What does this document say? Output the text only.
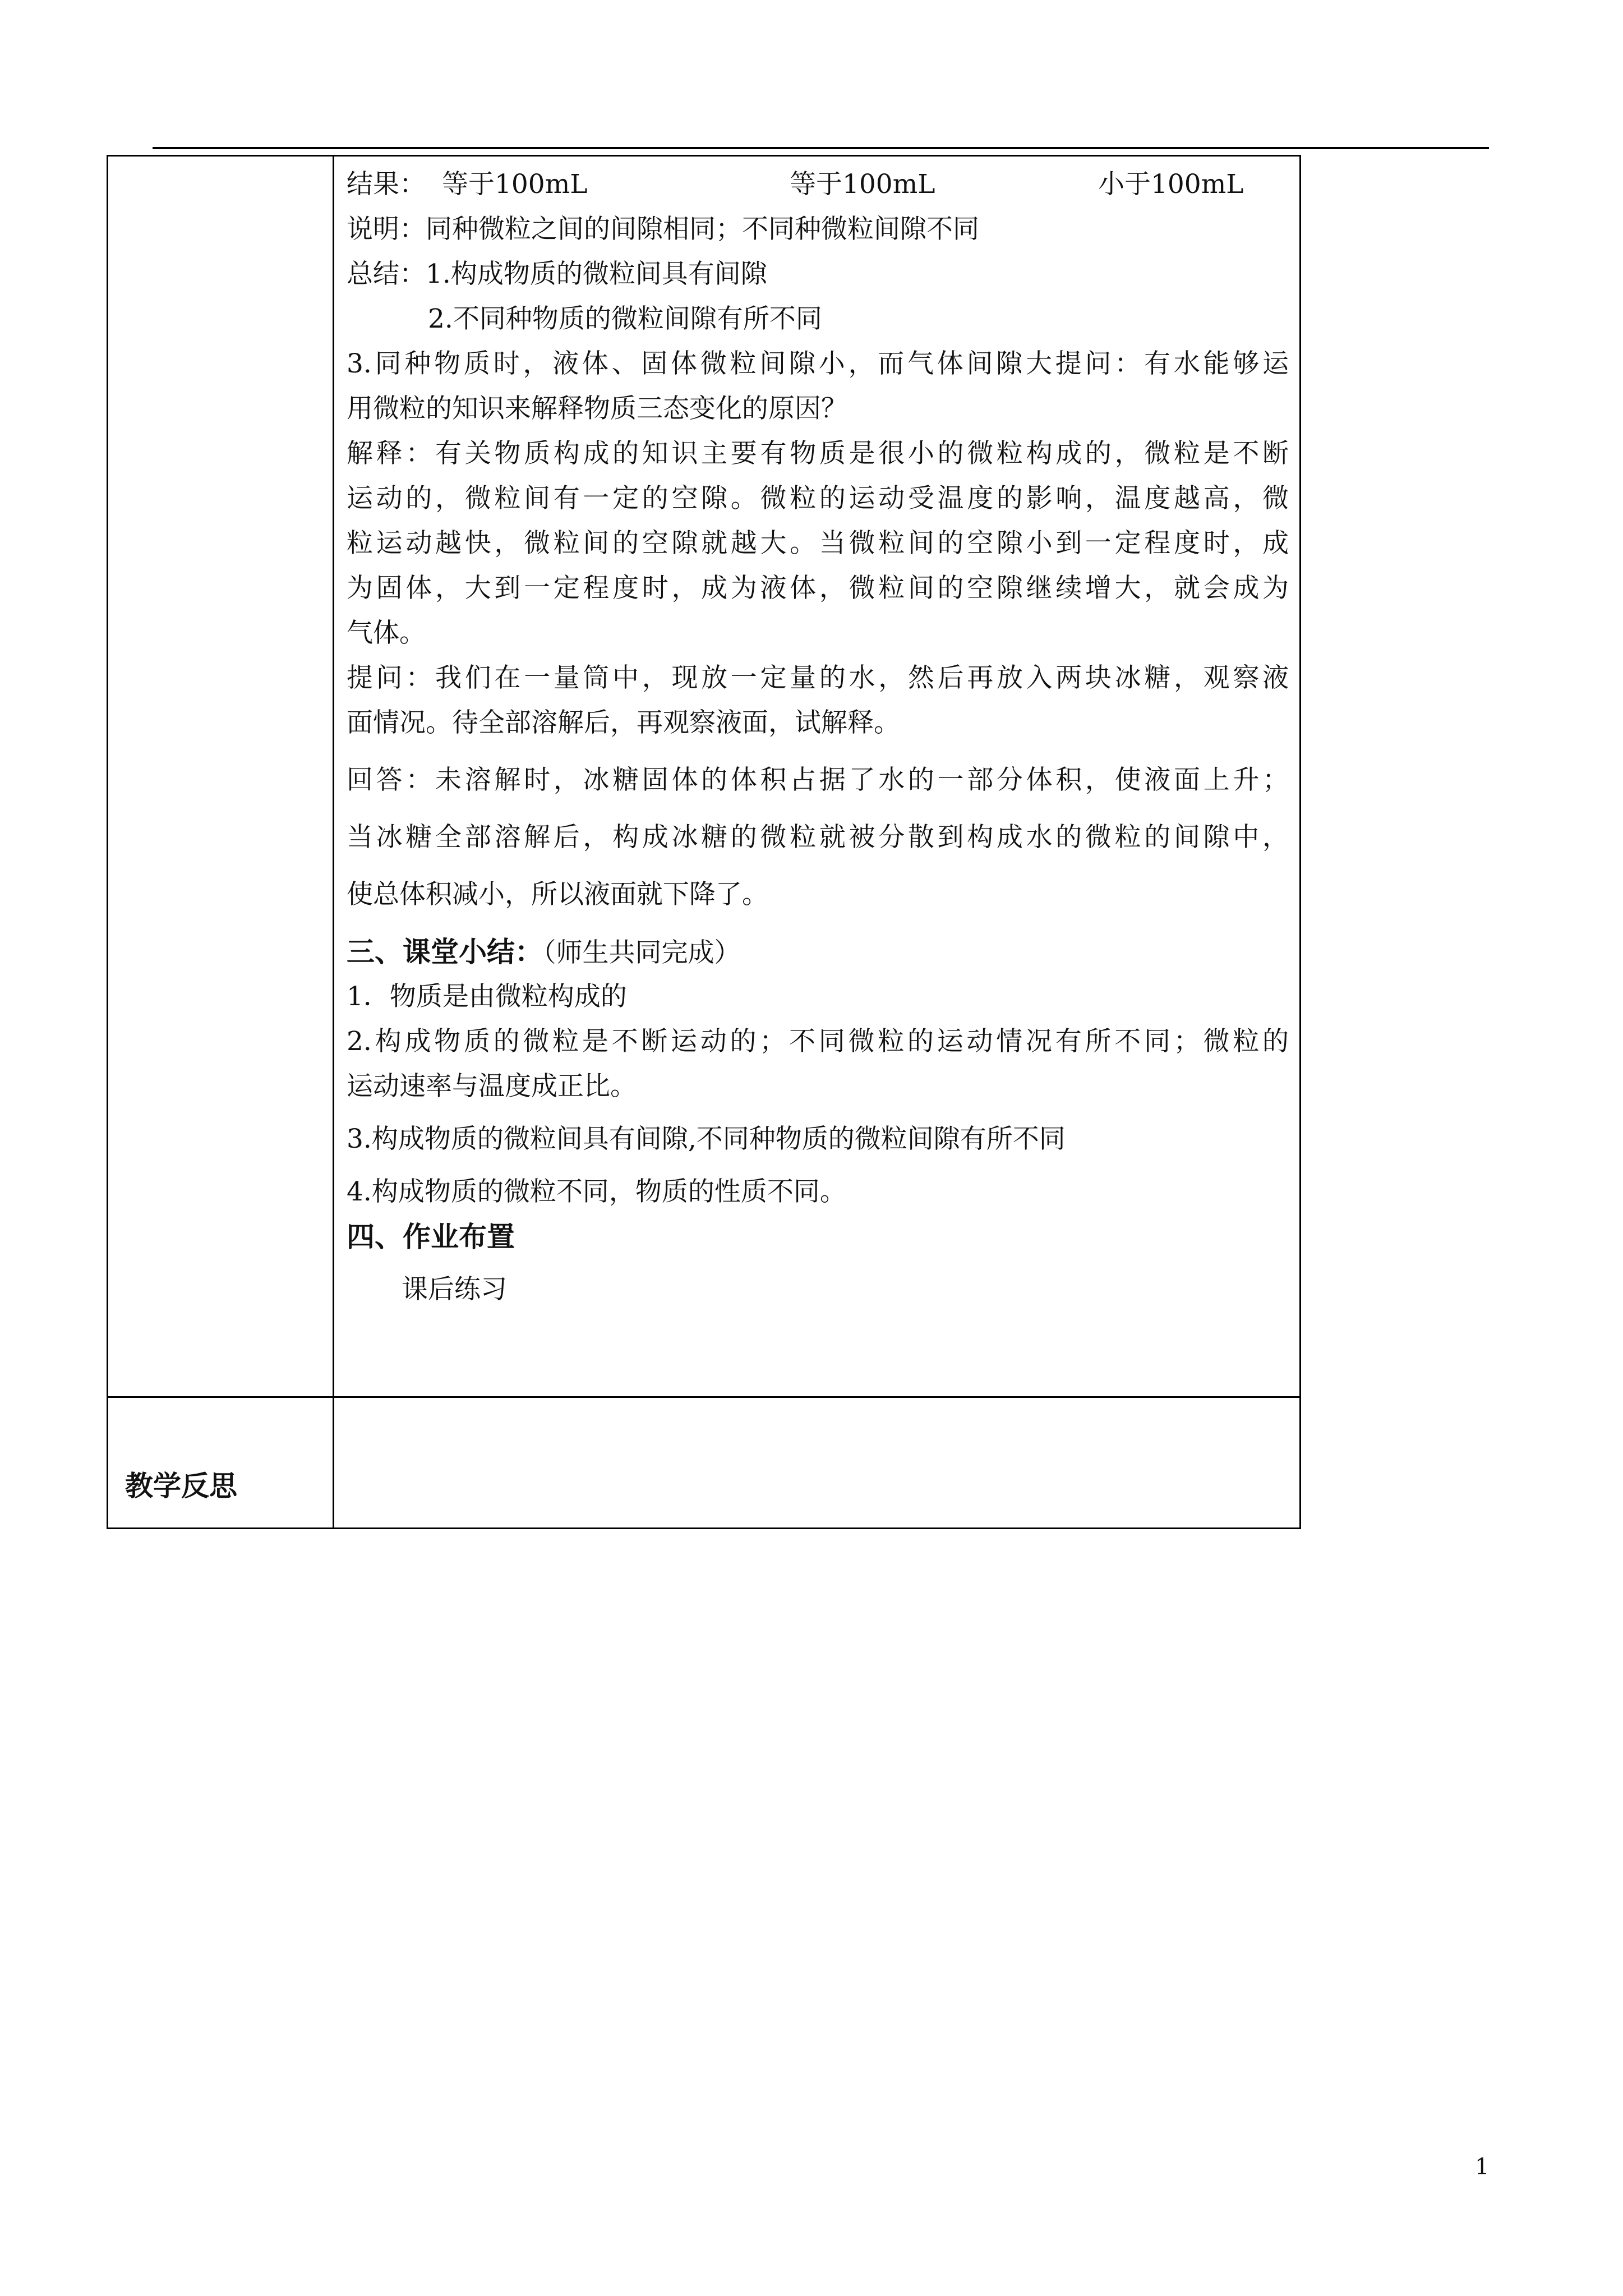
结果： 等于100mL	等于100mL	小于100mL
说明：同种微粒之间的间隙相同；不同种微粒间隙不同
总结：1.构成物质的微粒间具有间隙
2.不同种物质的微粒间隙有所不同
3.同种物质时，液体、固体微粒间隙小，而气体间隙大提问：有水能够运
用微粒的知识来解释物质三态变化的原因？
解释：有关物质构成的知识主要有物质是很小的微粒构成的，微粒是不断
运动的，微粒间有一定的空隙。微粒的运动受温度的影响，温度越高，微
粒运动越快，微粒间的空隙就越大。当微粒间的空隙小到一定程度时，成
为固体，大到一定程度时，成为液体，微粒间的空隙继续增大，就会成为
气体。
提问：我们在一量筒中，现放一定量的水，然后再放入两块冰糖，观察液
面情况。待全部溶解后，再观察液面，试解释。
回答：未溶解时，冰糖固体的体积占据了水的一部分体积，使液面上升；
当冰糖全部溶解后，构成冰糖的微粒就被分散到构成水的微粒的间隙中，
使总体积减小，所以液面就下降了。
三、课堂小结：（师生共同完成）
1．物质是由微粒构成的
2.构成物质的微粒是不断运动的；不同微粒的运动情况有所不同；微粒的
运动速率与温度成正比。
3.构成物质的微粒间具有间隙,不同种物质的微粒间隙有所不同
4.构成物质的微粒不同，物质的性质不同。
四、作业布置
课后练习
教学反思
1
